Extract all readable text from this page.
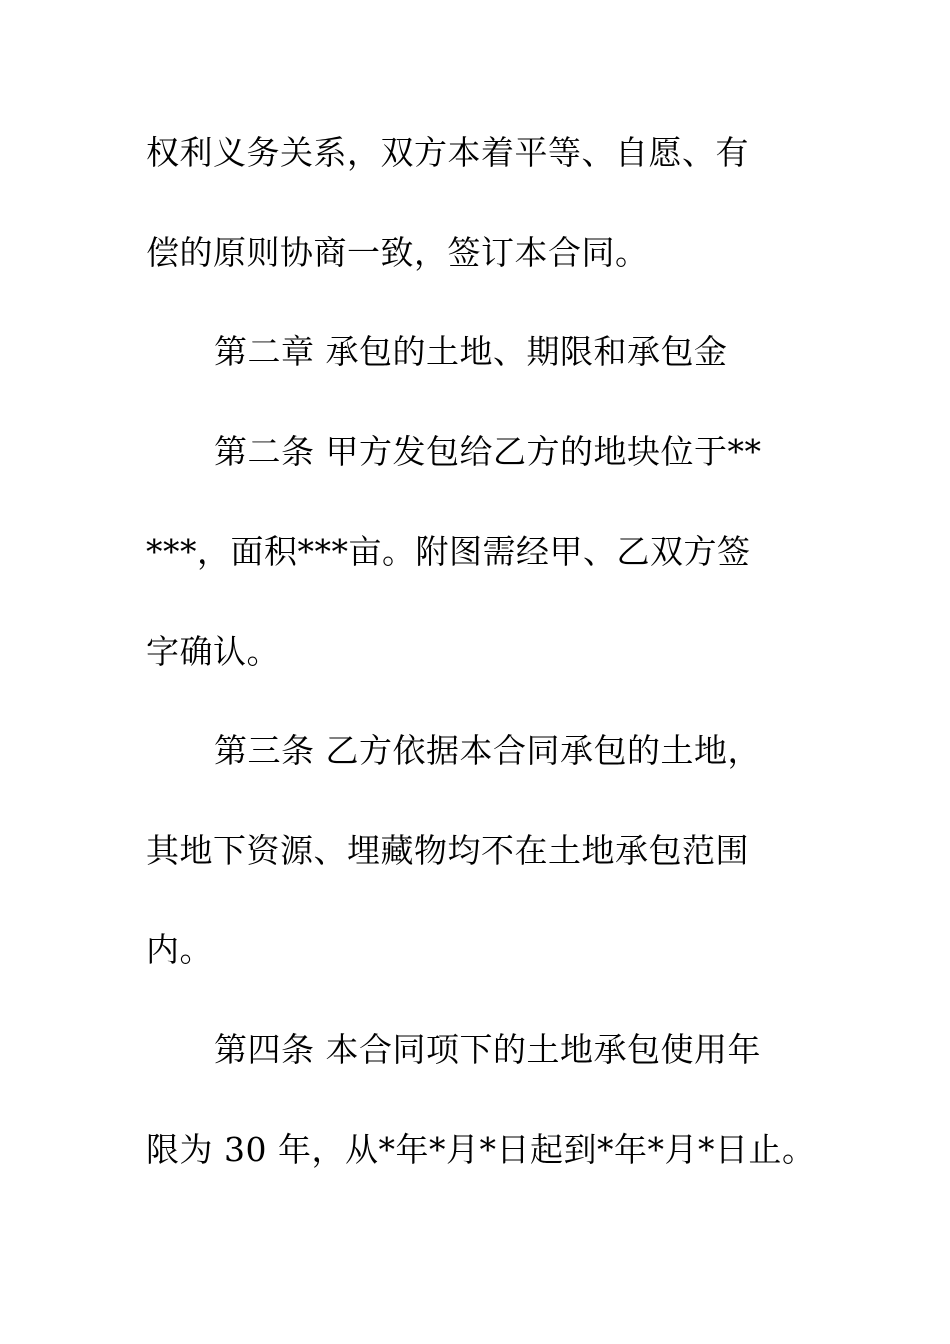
权利义务关系，双方本着平等、自愿、有
偿的原则协商一致，签订本合同。
第二章 承包的土地、期限和承包金
第二条 甲方发包给乙方的地块位于**
***，面积***亩。附图需经甲、乙双方签
字确认。
第三条 乙方依据本合同承包的土地，
其地下资源、埋藏物均不在土地承包范围
内。
第四条 本合同项下的土地承包使用年
限为 30 年，从*年*月*日起到*年*月*日止。
